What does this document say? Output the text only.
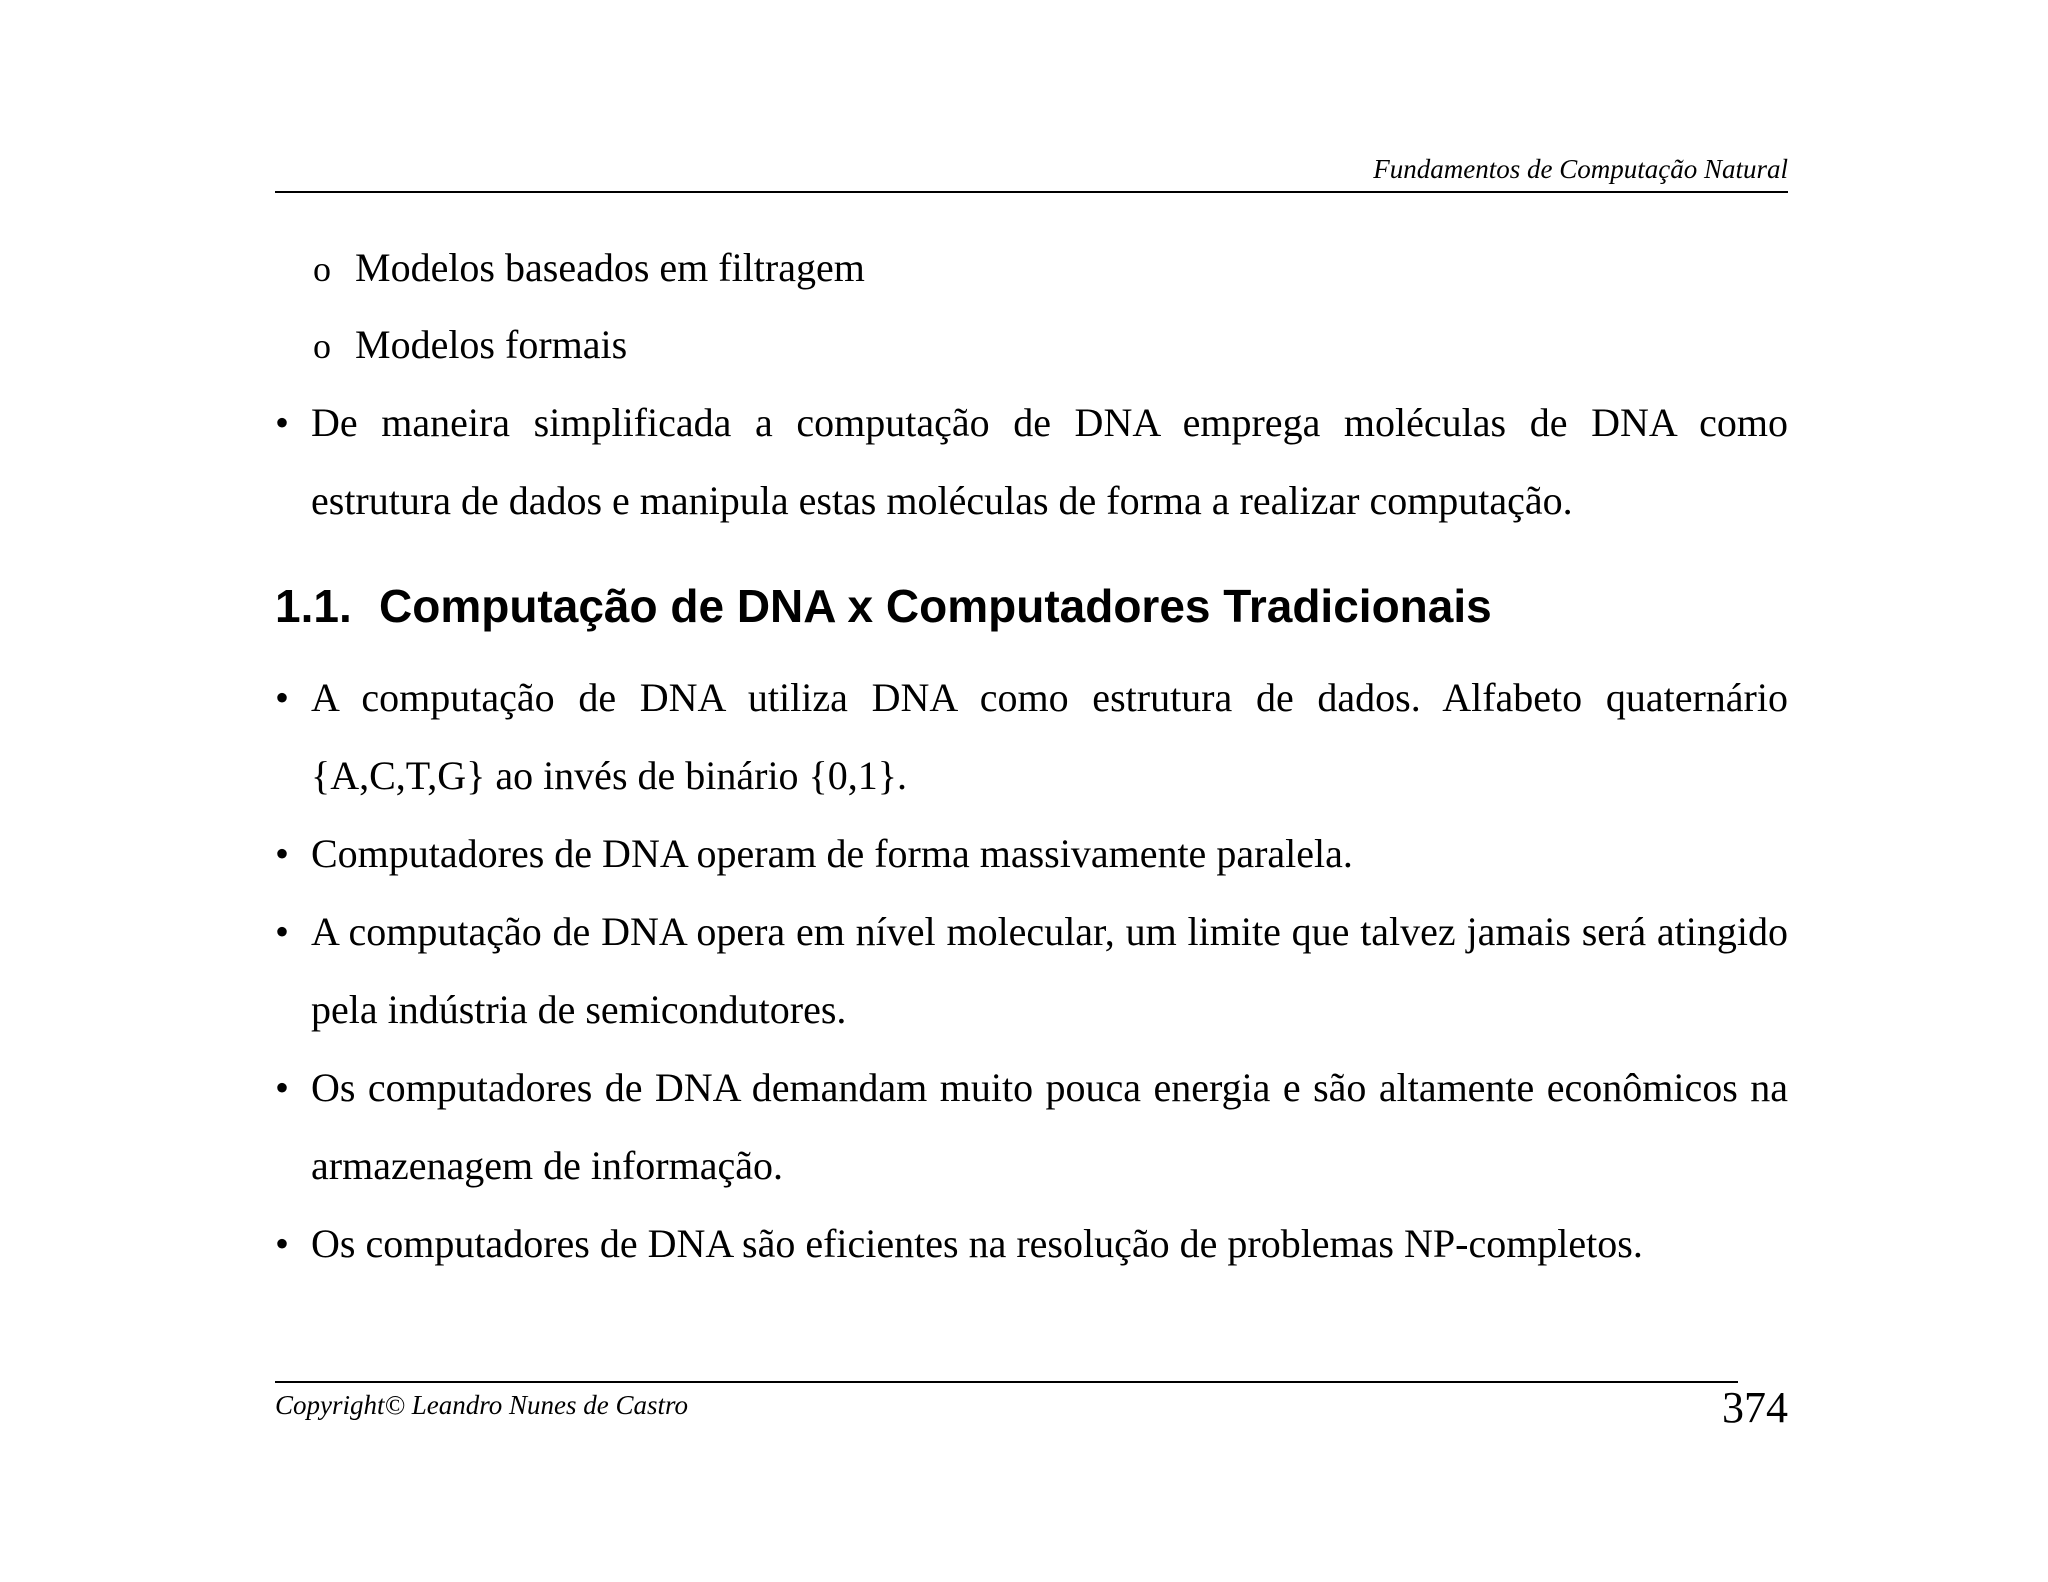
Fundamentos de Computação Natural
o Modelos baseados em filtragem
o Modelos formais
• De maneira simplificada a computação de DNA emprega moléculas de DNA como estrutura de dados e manipula estas moléculas de forma a realizar computação.
1.1. Computação de DNA x Computadores Tradicionais
• A computação de DNA utiliza DNA como estrutura de dados. Alfabeto quaternário {A,C,T,G} ao invés de binário {0,1}.
• Computadores de DNA operam de forma massivamente paralela.
• A computação de DNA opera em nível molecular, um limite que talvez jamais será atingido pela indústria de semicondutores.
• Os computadores de DNA demandam muito pouca energia e são altamente econômicos na armazenagem de informação.
• Os computadores de DNA são eficientes na resolução de problemas NP-completos.
Copyright© Leandro Nunes de Castro	374
